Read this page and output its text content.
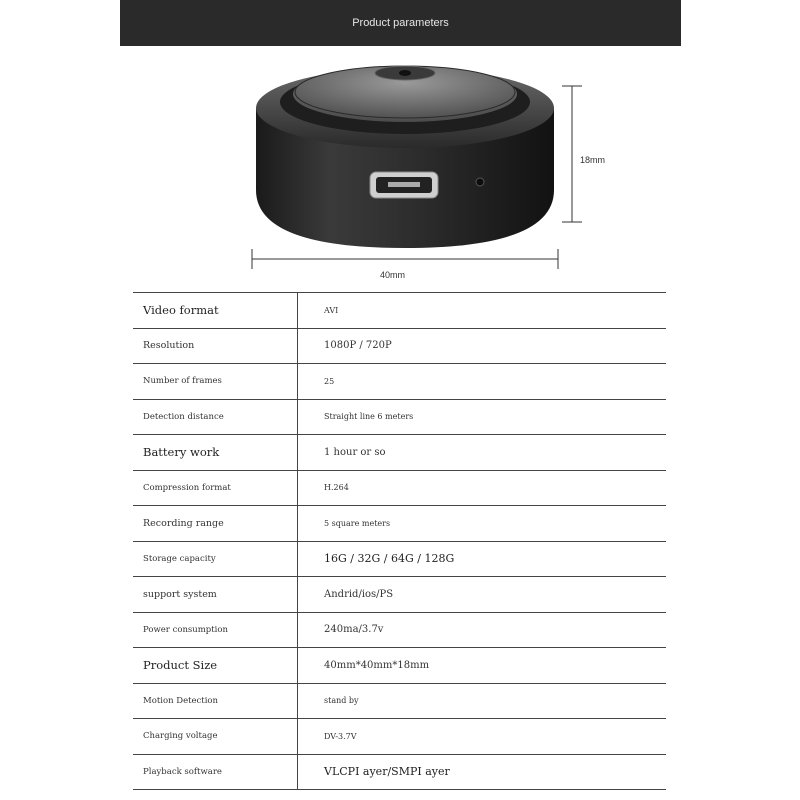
Product parameters
18mm
40mm
Video format	AVI
Resolution	1080P / 720P
Number of frames	25
Detection distance	Straight line 6 meters
Battery work	1 hour or so
Compression format	H.264
Recording range	5 square meters
Storage capacity	16G / 32G / 64G / 128G
support system	Andrid/ios/PS
Power consumption	240ma/3.7v
Product Size	40mm*40mm*18mm
Motion Detection	stand by
Charging voltage	DV-3.7V
Playback software	VLCPI ayer/SMPI ayer
